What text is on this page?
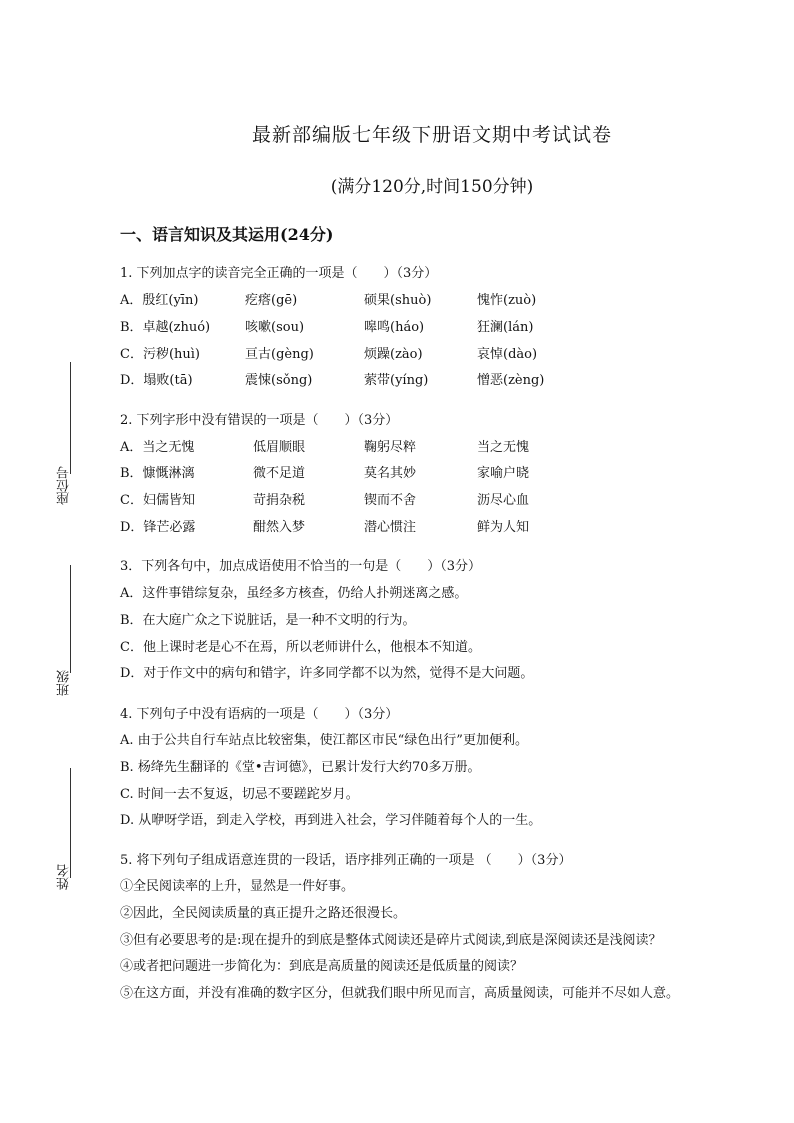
最新部编版七年级下册语文期中考试试卷
(满分120分,时间150分钟)
一、语言知识及其运用(24分)
座位号
班级
姓名
1. 下列加点字的读音完全正确的一项是（　　）（3分）
A．殷红(yīn)	疙瘩(gē)	硕果(shuò)	愧怍(zuò)
B．卓越(zhuó)	咳嗽(sou)	嗥鸣(háo)	狂澜(lán)
C．污秽(huì)	亘古(gèng)	烦躁(zào)	哀悼(dào)
D．塌败(tā)	震悚(sǒng)	萦带(yíng)	憎恶(zèng)
2. 下列字形中没有错误的一项是（　　）（3分）
A．当之无愧	低眉顺眼	鞠躬尽粹	当之无愧
B．慷慨淋漓	微不足道	莫名其妙	家喻户晓
C．妇儒皆知	苛捐杂税	锲而不舍	沥尽心血
D．锋芒必露	酣然入梦	潜心惯注	鲜为人知
3．下列各句中，加点成语使用不恰当的一句是（　　）（3分）
A．这件事错综复杂，虽经多方核查，仍给人扑朔迷离之感。
B．在大庭广众之下说脏话，是一种不文明的行为。
C．他上课时老是心不在焉，所以老师讲什么，他根本不知道。
D．对于作文中的病句和错字，许多同学都不以为然，觉得不是大问题。
4. 下列句子中没有语病的一项是（　　）（3分）
A. 由于公共自行车站点比较密集，使江都区市民“绿色出行”更加便利。
B. 杨绛先生翻译的《堂•吉诃德》，已累计发行大约70多万册。
C. 时间一去不复返，切忌不要蹉跎岁月。
D. 从咿呀学语，到走入学校，再到进入社会，学习伴随着每个人的一生。
5. 将下列句子组成语意连贯的一段话，语序排列正确的一项是 （　　）（3分）
①全民阅读率的上升，显然是一件好事。
②因此，全民阅读质量的真正提升之路还很漫长。
③但有必要思考的是:现在提升的到底是整体式阅读还是碎片式阅读,到底是深阅读还是浅阅读？
④或者把问题进一步简化为：到底是高质量的阅读还是低质量的阅读？
⑤在这方面，并没有准确的数字区分，但就我们眼中所见而言，高质量阅读，可能并不尽如人意。
